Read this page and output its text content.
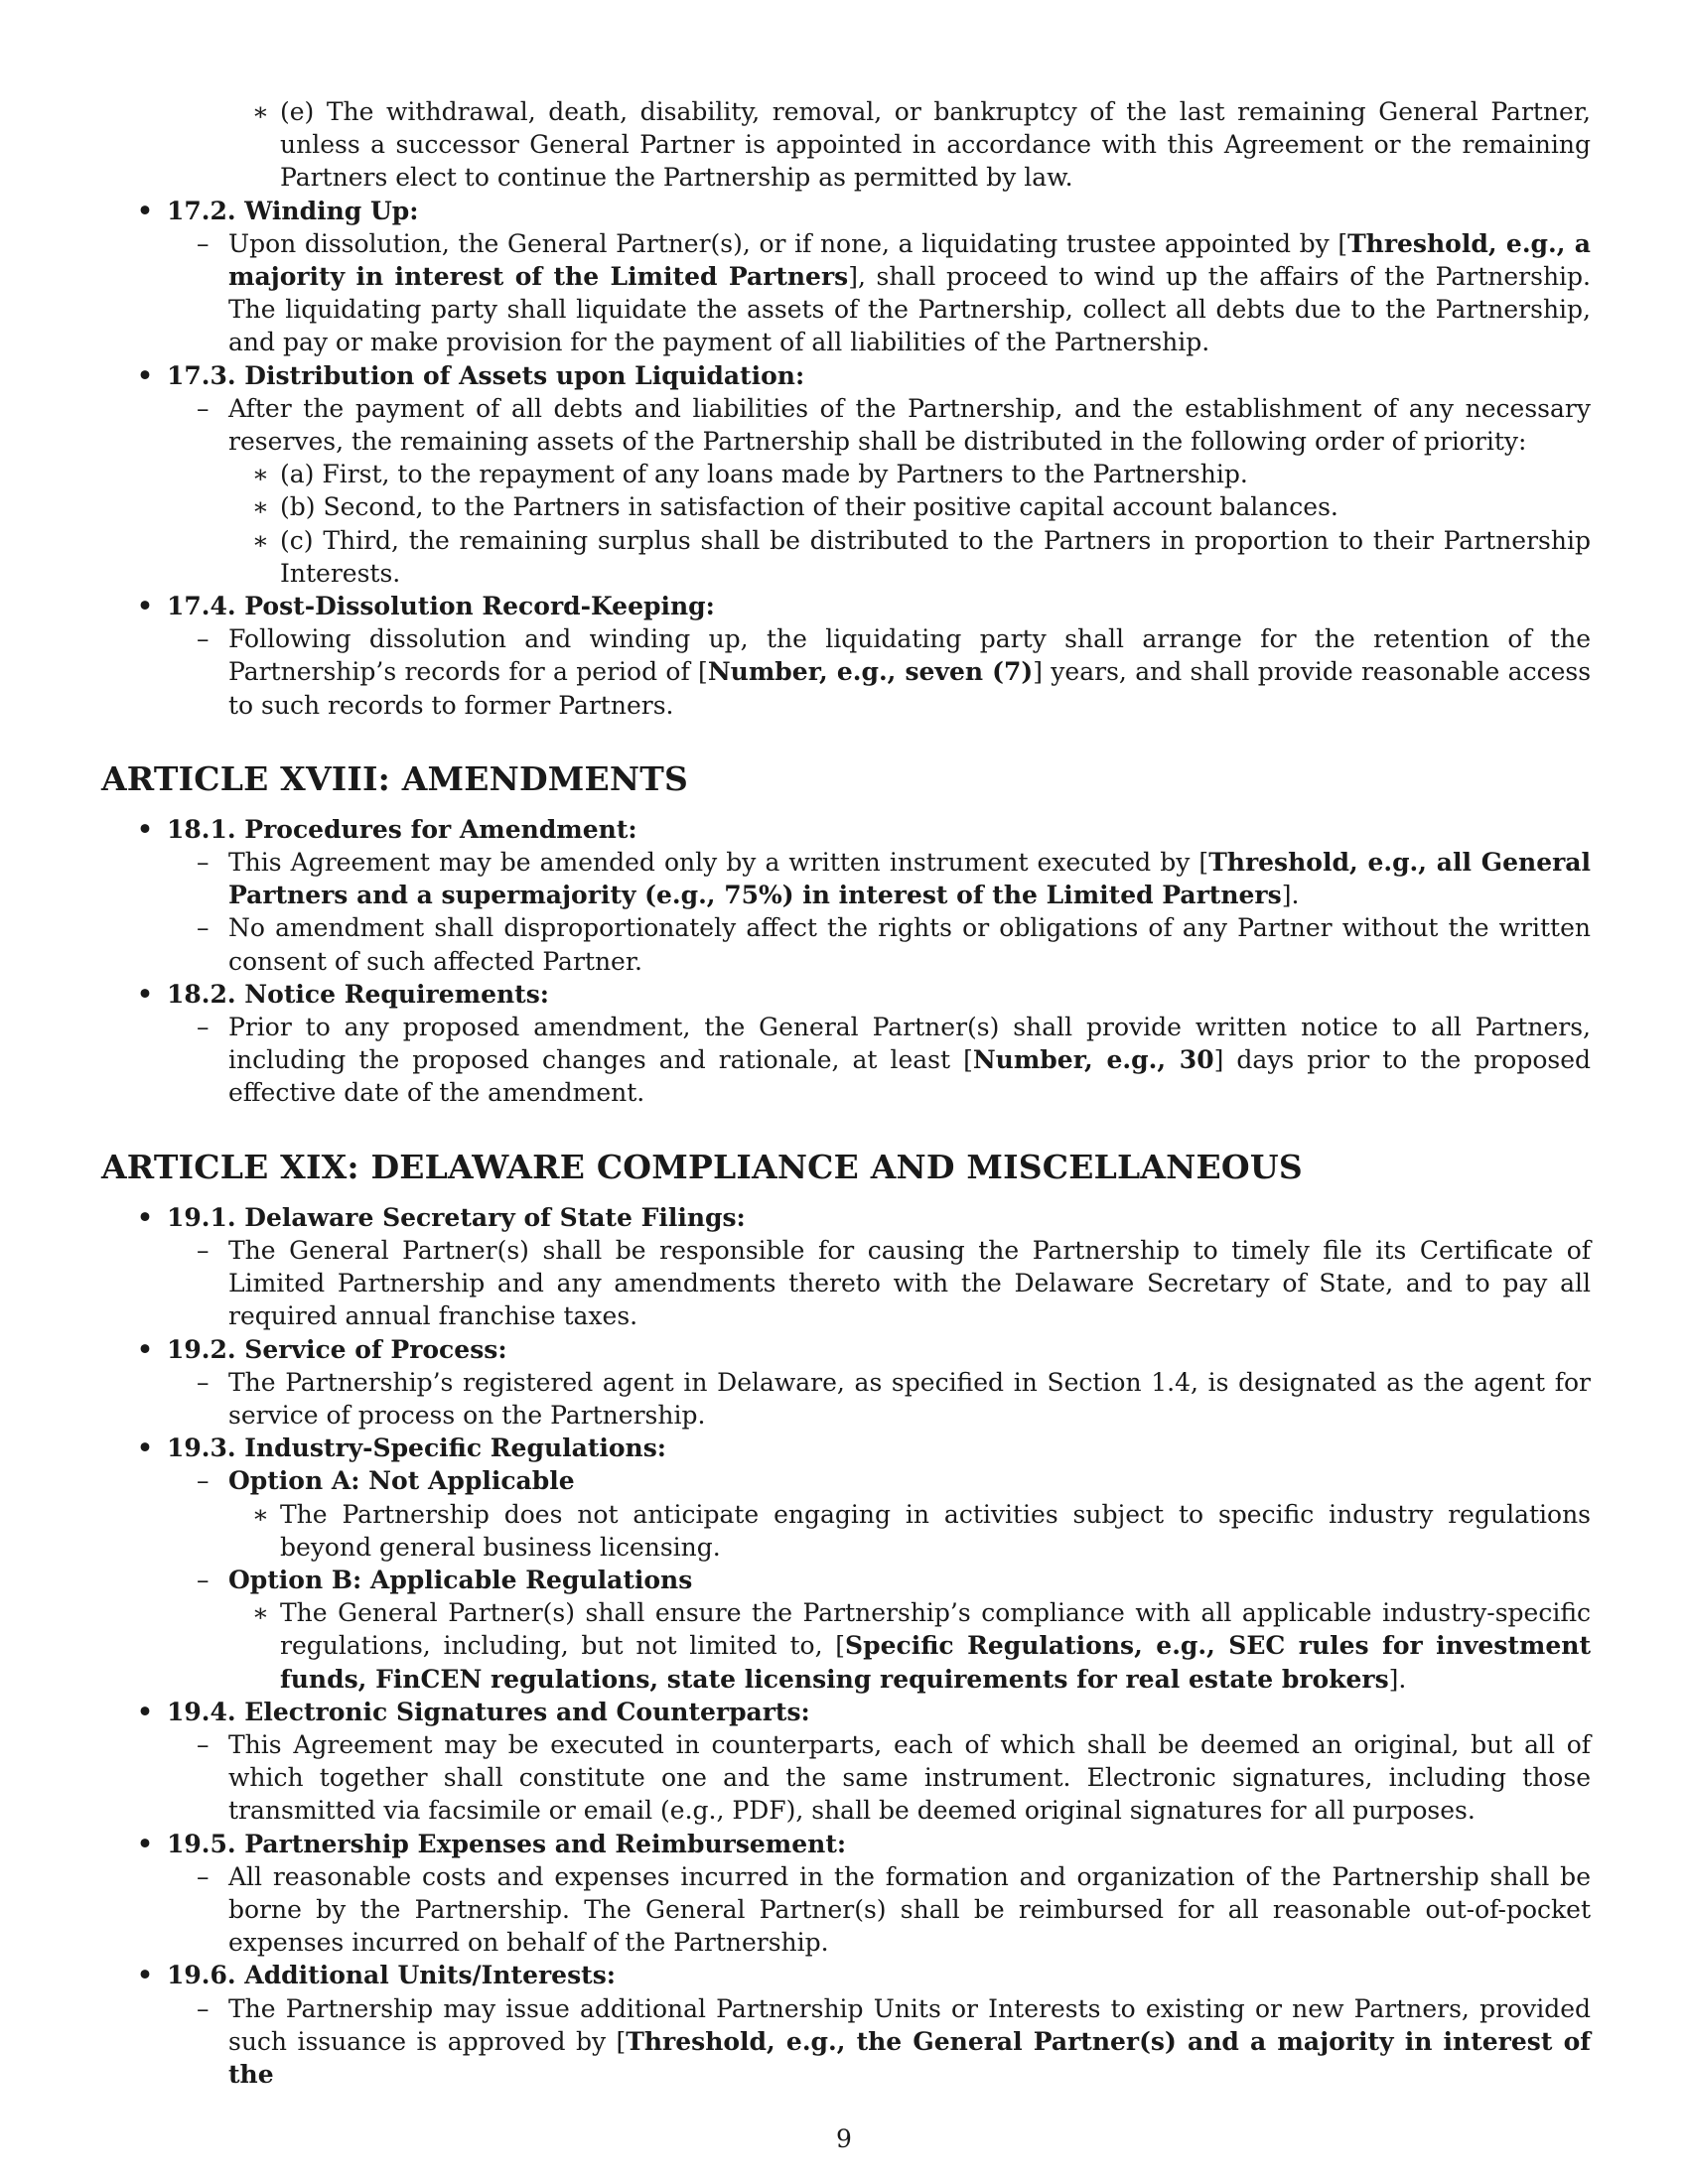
∗ (e) The withdrawal, death, disability, removal, or bankruptcy of the last remaining General Partner, unless a successor General Partner is appointed in accordance with this Agreement or the remaining Partners elect to continue the Partnership as permitted by law.
• 17.2. Winding Up:
– Upon dissolution, the General Partner(s), or if none, a liquidating trustee appointed by [Threshold, e.g., a majority in interest of the Limited Partners], shall proceed to wind up the affairs of the Partnership. The liquidating party shall liquidate the assets of the Partnership, collect all debts due to the Partnership, and pay or make provision for the payment of all liabilities of the Partnership.
• 17.3. Distribution of Assets upon Liquidation:
– After the payment of all debts and liabilities of the Partnership, and the establishment of any necessary reserves, the remaining assets of the Partnership shall be distributed in the following order of priority:
∗ (a) First, to the repayment of any loans made by Partners to the Partnership.
∗ (b) Second, to the Partners in satisfaction of their positive capital account balances.
∗ (c) Third, the remaining surplus shall be distributed to the Partners in proportion to their Partnership Interests.
• 17.4. Post-Dissolution Record-Keeping:
– Following dissolution and winding up, the liquidating party shall arrange for the retention of the Partnership’s records for a period of [Number, e.g., seven (7)] years, and shall provide reasonable access to such records to former Partners.
ARTICLE XVIII: AMENDMENTS
• 18.1. Procedures for Amendment:
– This Agreement may be amended only by a written instrument executed by [Threshold, e.g., all General Partners and a supermajority (e.g., 75%) in interest of the Limited Partners].
– No amendment shall disproportionately affect the rights or obligations of any Partner without the written consent of such affected Partner.
• 18.2. Notice Requirements:
– Prior to any proposed amendment, the General Partner(s) shall provide written notice to all Partners, including the proposed changes and rationale, at least [Number, e.g., 30] days prior to the proposed effective date of the amendment.
ARTICLE XIX: DELAWARE COMPLIANCE AND MISCELLANEOUS
• 19.1. Delaware Secretary of State Filings:
– The General Partner(s) shall be responsible for causing the Partnership to timely file its Certificate of Limited Partnership and any amendments thereto with the Delaware Secretary of State, and to pay all required annual franchise taxes.
• 19.2. Service of Process:
– The Partnership’s registered agent in Delaware, as specified in Section 1.4, is designated as the agent for service of process on the Partnership.
• 19.3. Industry-Specific Regulations:
– Option A: Not Applicable
∗ The Partnership does not anticipate engaging in activities subject to specific industry regulations beyond general business licensing.
– Option B: Applicable Regulations
∗ The General Partner(s) shall ensure the Partnership’s compliance with all applicable industry-specific regulations, including, but not limited to, [Specific Regulations, e.g., SEC rules for investment funds, FinCEN regulations, state licensing requirements for real estate brokers].
• 19.4. Electronic Signatures and Counterparts:
– This Agreement may be executed in counterparts, each of which shall be deemed an original, but all of which together shall constitute one and the same instrument. Electronic signatures, including those transmitted via facsimile or email (e.g., PDF), shall be deemed original signatures for all purposes.
• 19.5. Partnership Expenses and Reimbursement:
– All reasonable costs and expenses incurred in the formation and organization of the Partnership shall be borne by the Partnership. The General Partner(s) shall be reimbursed for all reasonable out-of-pocket expenses incurred on behalf of the Partnership.
• 19.6. Additional Units/Interests:
– The Partnership may issue additional Partnership Units or Interests to existing or new Partners, provided such issuance is approved by [Threshold, e.g., the General Partner(s) and a majority in interest of the
9
